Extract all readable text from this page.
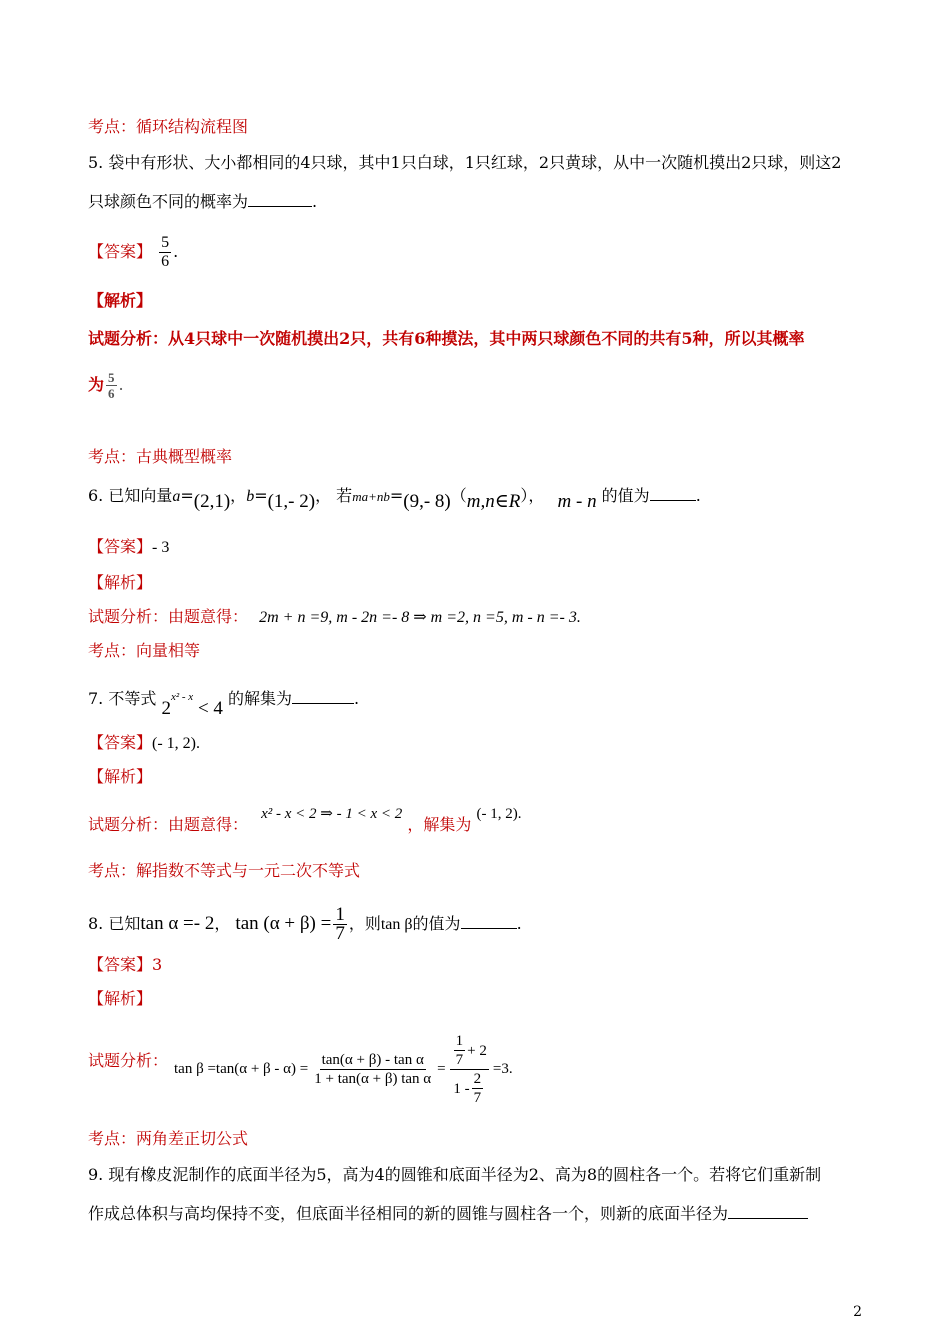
考点：循环结构流程图
5. 袋中有形状、大小都相同的4只球，其中1只白球，1只红球，2只黄球，从中一次随机摸出2只球，则这2
只球颜色不同的概率为	.
【答案】 $\frac{5}{6}$ .
【解析】
试题分析：从4只球中一次随机摸出2只，共有6种摸法，其中两只球颜色不同的共有5种，所以其概率
为 $\frac{5}{6}$ .
考点：古典概型概率
6. 已知向量a=(2,1)，b=(1,- 2)， 若ma+nb=(9,- 8)（m,n∈R）， m - n 的值为	.
【答案】- 3
【解析】
试题分析：由题意得： 2m + n =9, m - 2n =- 8 ⇒ m =2, n =5, m - n =- 3.
考点：向量相等
7. 不等式 $2^{x^2 - x} < 4$ 的解集为	.
【答案】(- 1, 2).
【解析】
试题分析：由题意得： x² - x < 2 ⇒ - 1 < x < 2 ，解集为 (- 1, 2).
考点：解指数不等式与一元二次不等式
8. 已知tan α =- 2， $\tan (\alpha + \beta) = \frac{1}{7}$ ，则tan β的值为	.
【答案】3
【解析】
试题分析： $\tan \beta =\tan(\alpha + \beta - \alpha) = \frac{\text{tan(α + β) - tan α}}{\text{1 + tan(α + β) tan α}} = \frac{\frac{1}{7} + 2}{1 - \frac{2}{7}} =3$.
考点：两角差正切公式
9. 现有橡皮泥制作的底面半径为5，高为4的圆锥和底面半径为2、高为8的圆柱各一个。若将它们重新制
作成总体积与高均保持不变，但底面半径相同的新的圆锥与圆柱各一个，则新的底面半径为
2
